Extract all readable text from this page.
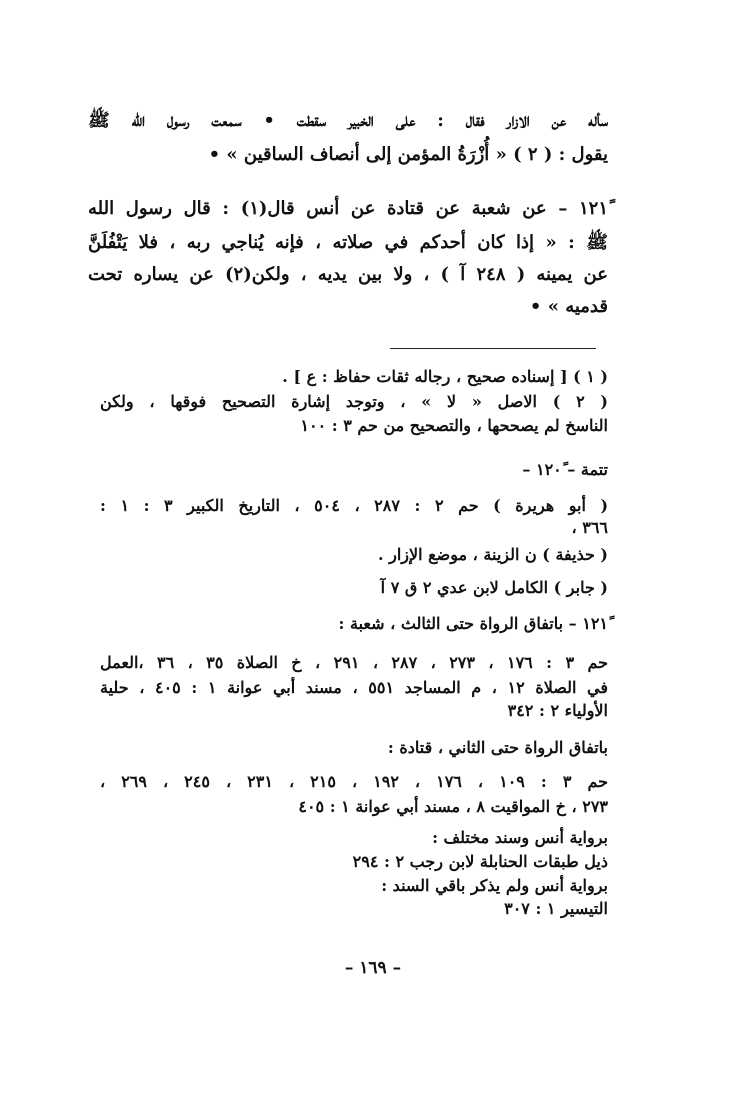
سأله عن الازار فقال : على الخبير سقطت • سمعت رسول الله ﷺ
يقول : ( ٢ ) « أُزْرَةُ المؤمن إلى أنصاف الساقين » •
١٢١ً – عن شعبة عن قتادة عن أنس قال(١) : قال رسول الله
ﷺ : « إذا كان أحدكم في صلاته ، فإنه يُناجي ربه ، فلا يَتْفُلَنَّ
عن يمينه ( ٢٤٨ آ ) ، ولا بين يديه ، ولكن(٢) عن يساره تحت
قدميه » •
( ١ ) [ إسناده صحيح ، رجاله ثقات حفاظ : ع ] .
( ٢ ) الاصل « لا » ، وتوجد إشارة التصحيح فوقها ، ولكن
الناسخ لم يصححها ، والتصحيح من حم ٣ : ١٠٠
تتمة – ١٢٠ً –
( أبو هريرة ) حم ٢ : ٢٨٧ ، ٥٠٤ ، التاريخ الكبير ٣ : ١ :
٣٦٦ ،
( حذيفة ) ن الزينة ، موضع الإزار .
( جابر ) الكامل لابن عدي ٢ ق ٧ آ
١٢١ً – باتفاق الرواة حتى الثالث ، شعبة :
حم ٣ : ١٧٦ ، ٢٧٣ ، ٢٨٧ ، ٢٩١ ، خ الصلاة ٣٥ ، ٣٦ ،العمل
في الصلاة ١٢ ، م المساجد ٥٥١ ، مسند أبي عوانة ١ : ٤٠٥ ، حلية
الأولياء ٢ : ٣٤٢
باتفاق الرواة حتى الثاني ، قتادة :
حم ٣ : ١٠٩ ، ١٧٦ ، ١٩٢ ، ٢١٥ ، ٢٣١ ، ٢٤٥ ، ٢٦٩ ،
٢٧٣ ، خ المواقيت ٨ ، مسند أبي عوانة ١ : ٤٠٥
برواية أنس وسند مختلف :
ذيل طبقات الحنابلة لابن رجب ٢ : ٢٩٤
برواية أنس ولم يذكر باقي السند :
التيسير ١ : ٣٠٧
– ١٦٩ –
